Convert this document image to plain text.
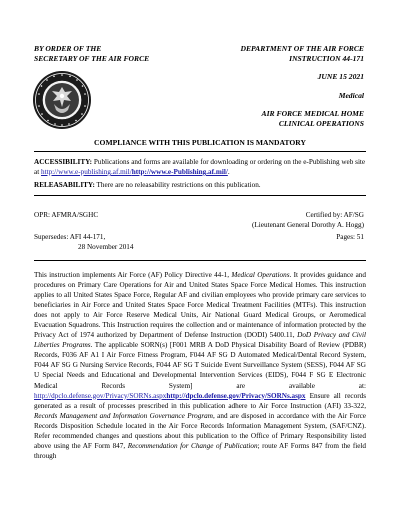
BY ORDER OF THE
SECRETARY OF THE AIR FORCE
DEPARTMENT OF THE AIR FORCE
INSTRUCTION 44-171
JUNE 15 2021
Medical
AIR FORCE MEDICAL HOME
CLINICAL OPERATIONS
COMPLIANCE WITH THIS PUBLICATION IS MANDATORY
ACCESSIBILITY: Publications and forms are available for downloading or ordering on the e-Publishing web site at http://www.e-publishing.af.mil/http://www.e-Publishing.af.mil/.
RELEASABILITY: There are no releasability restrictions on this publication.
OPR: AFMRA/SGHC	Certified by: AF/SG
(Lieutenant General Dorothy A. Hogg)
Supersedes: AFI 44-171,
28 November 2014
Pages: 51
This instruction implements Air Force (AF) Policy Directive 44-1, Medical Operations. It provides guidance and procedures on Primary Care Operations for Air and United States Space Force Medical Homes. This instruction applies to all United States Space Force, Regular AF and civilian employees who provide primary care services to beneficiaries in Air Force and United States Space Force Medical Treatment Facilities (MTFs). This instruction does not apply to Air Force Reserve Medical Units, Air National Guard Medical Groups, or Aeromedical Evacuation Squadrons. This Instruction requires the collection and or maintenance of information protected by the Privacy Act of 1974 authorized by Department of Defense Instruction (DODI) 5400.11, DoD Privacy and Civil Liberties Programs. The applicable SORN(s) [F001 MRB A DoD Physical Disability Board of Review (PDBR) Records, F036 AF A1 I Air Force Fitness Program, F044 AF SG D Automated Medical/Dental Record System, F044 AF SG G Nursing Service Records, F044 AF SG T Suicide Event Surveillance System (SESS), F044 AF SG U Special Needs and Educational and Developmental Intervention Services (EIDS), F044 F SG E Electronic Medical Records System] are available at: http://dpclo.defense.gov/Privacy/SORNs.aspxhttp://dpclo.defense.gov/Privacy/SORNs.aspx Ensure all records generated as a result of processes prescribed in this publication adhere to Air Force Instruction (AFI) 33-322, Records Management and Information Governance Program, and are disposed in accordance with the Air Force Records Disposition Schedule located in the Air Force Records Information Management System, (SAF/CNZ). Refer recommended changes and questions about this publication to the Office of Primary Responsibility listed above using the AF Form 847, Recommendation for Change of Publication; route AF Forms 847 from the field through
